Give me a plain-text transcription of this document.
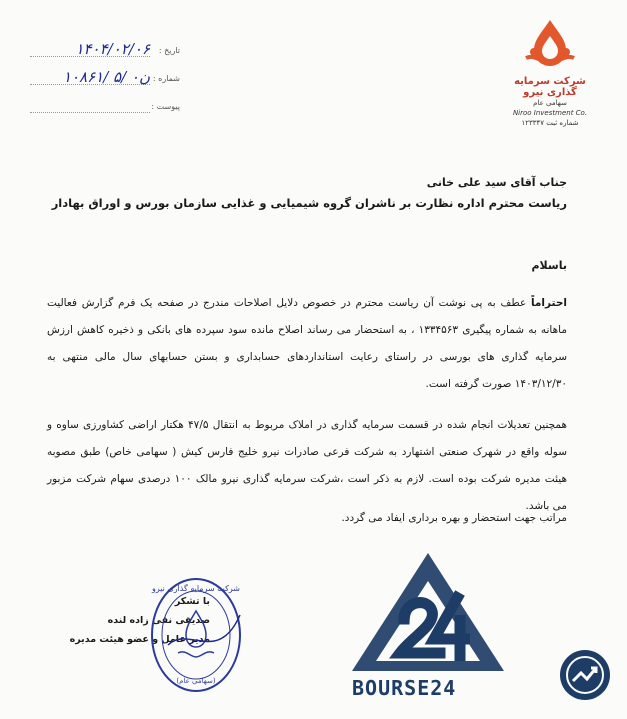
شرکت سرمایه گذاری نیرو
سهامی عام
Niroo Investment Co.
شماره ثبت ۱۲۳۳۴۷
: تاریخ
۱۴۰۴/۰۲/۰۶
: شماره
۱۰۸۶۱/ ۵/ ۰ن
: پیوست
جناب آقای سید علی خانی
ریاست محترم اداره نظارت بر ناشران گروه شیمیایی و غذایی سازمان بورس و اوراق بهادار
باسلام
احتراماً عطف به پی نوشت آن ریاست محترم در خصوص دلایل اصلاحات مندرج در صفحه یک فرم گزارش فعالیت ماهانه به شماره پیگیری ۱۳۳۴۵۶۳ ، به استحضار می رساند اصلاح مانده سود سپرده های بانکی و ذخیره کاهش ارزش سرمایه گذاری های بورسی در راستای رعایت استانداردهای حسابداری و بستن حسابهای سال مالی منتهی به ۱۴۰۳/۱۲/۳۰ صورت گرفته است.
همچنین تعدیلات انجام شده در قسمت سرمایه گذاری در املاک مربوط به انتقال ۴۷/۵ هکتار اراضی کشاورزی ساوه و سوله واقع در شهرک صنعتی اشتهارد به شرکت فرعی صادرات نیرو خلیج فارس کیش ( سهامی خاص) طبق مصوبه هیئت مدیره شرکت بوده است. لازم به ذکر است ،شرکت سرمایه گذاری نیرو مالک ۱۰۰ درصدی سهام شرکت مزبور می باشد.
مراتب جهت استحضار و بهره برداری ایفاد می گردد.
با تشکر
صدیقی نقی زاده لنده
مدیر عامل و عضو هیئت مدیره
شرکت سرمایه گذاری نیرو
(سهامی عام)	BOURSE24
